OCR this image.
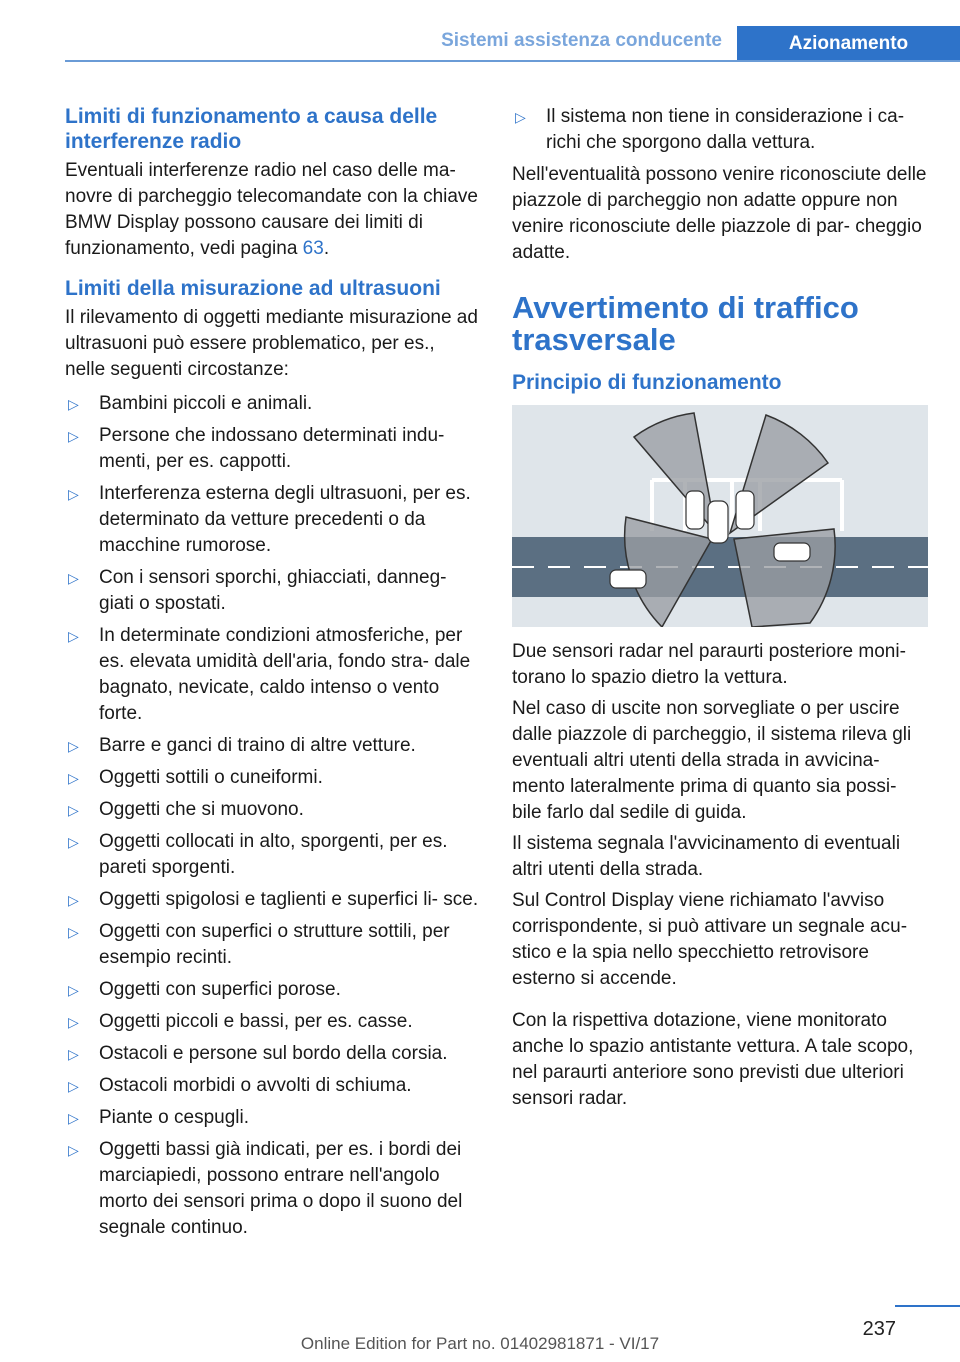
Sistemi assistenza conducente	Azionamento
Limiti di funzionamento a causa delle interferenze radio

Eventuali interferenze radio nel caso delle ma‐ novre di parcheggio telecomandate con la chiave BMW Display possono causare dei limiti di funzionamento, vedi pagina 63.

Limiti della misurazione ad ultrasuoni

Il rilevamento di oggetti mediante misurazione ad ultrasuoni può essere problematico, per es., nelle seguenti circostanze:

▷ Bambini piccoli e animali.
▷ Persone che indossano determinati indu‐ menti, per es. cappotti.
▷ Interferenza esterna degli ultrasuoni, per es. determinato da vetture precedenti o da macchine rumorose.
▷ Con i sensori sporchi, ghiacciati, danneg‐ giati o spostati.
▷ In determinate condizioni atmosferiche, per es. elevata umidità dell'aria, fondo stra‐ dale bagnato, nevicate, caldo intenso o vento forte.
▷ Barre e ganci di traino di altre vetture.
▷ Oggetti sottili o cuneiformi.
▷ Oggetti che si muovono.
▷ Oggetti collocati in alto, sporgenti, per es. pareti sporgenti.
▷ Oggetti spigolosi e taglienti e superfici li‐ sce.
▷ Oggetti con superfici o strutture sottili, per esempio recinti.
▷ Oggetti con superfici porose.
▷ Oggetti piccoli e bassi, per es. casse.
▷ Ostacoli e persone sul bordo della corsia.
▷ Ostacoli morbidi o avvolti di schiuma.
▷ Piante o cespugli.
▷ Oggetti bassi già indicati, per es. i bordi dei marciapiedi, possono entrare nell'angolo morto dei sensori prima o dopo il suono del segnale continuo.
▷ Il sistema non tiene in considerazione i ca‐ richi che sporgono dalla vettura.

Nell'eventualità possono venire riconosciute delle piazzole di parcheggio non adatte oppure non venire riconosciute delle piazzole di par‐ cheggio adatte.

Avvertimento di traffico trasversale
Principio di funzionamento

Due sensori radar nel paraurti posteriore moni‐ torano lo spazio dietro la vettura.

Nel caso di uscite non sorvegliate o per uscire dalle piazzole di parcheggio, il sistema rileva gli eventuali altri utenti della strada in avvicina‐ mento lateralmente prima di quanto sia possi‐ bile farlo dal sedile di guida.

Il sistema segnala l'avvicinamento di eventuali altri utenti della strada.

Sul Control Display viene richiamato l'avviso corrispondente, si può attivare un segnale acu‐ stico e la spia nello specchietto retrovisore esterno si accende.

Con la rispettiva dotazione, viene monitorato anche lo spazio antistante vettura. A tale scopo, nel paraurti anteriore sono previsti due ulteriori sensori radar.

237
Online Edition for Part no. 01402981871 - VI/17
